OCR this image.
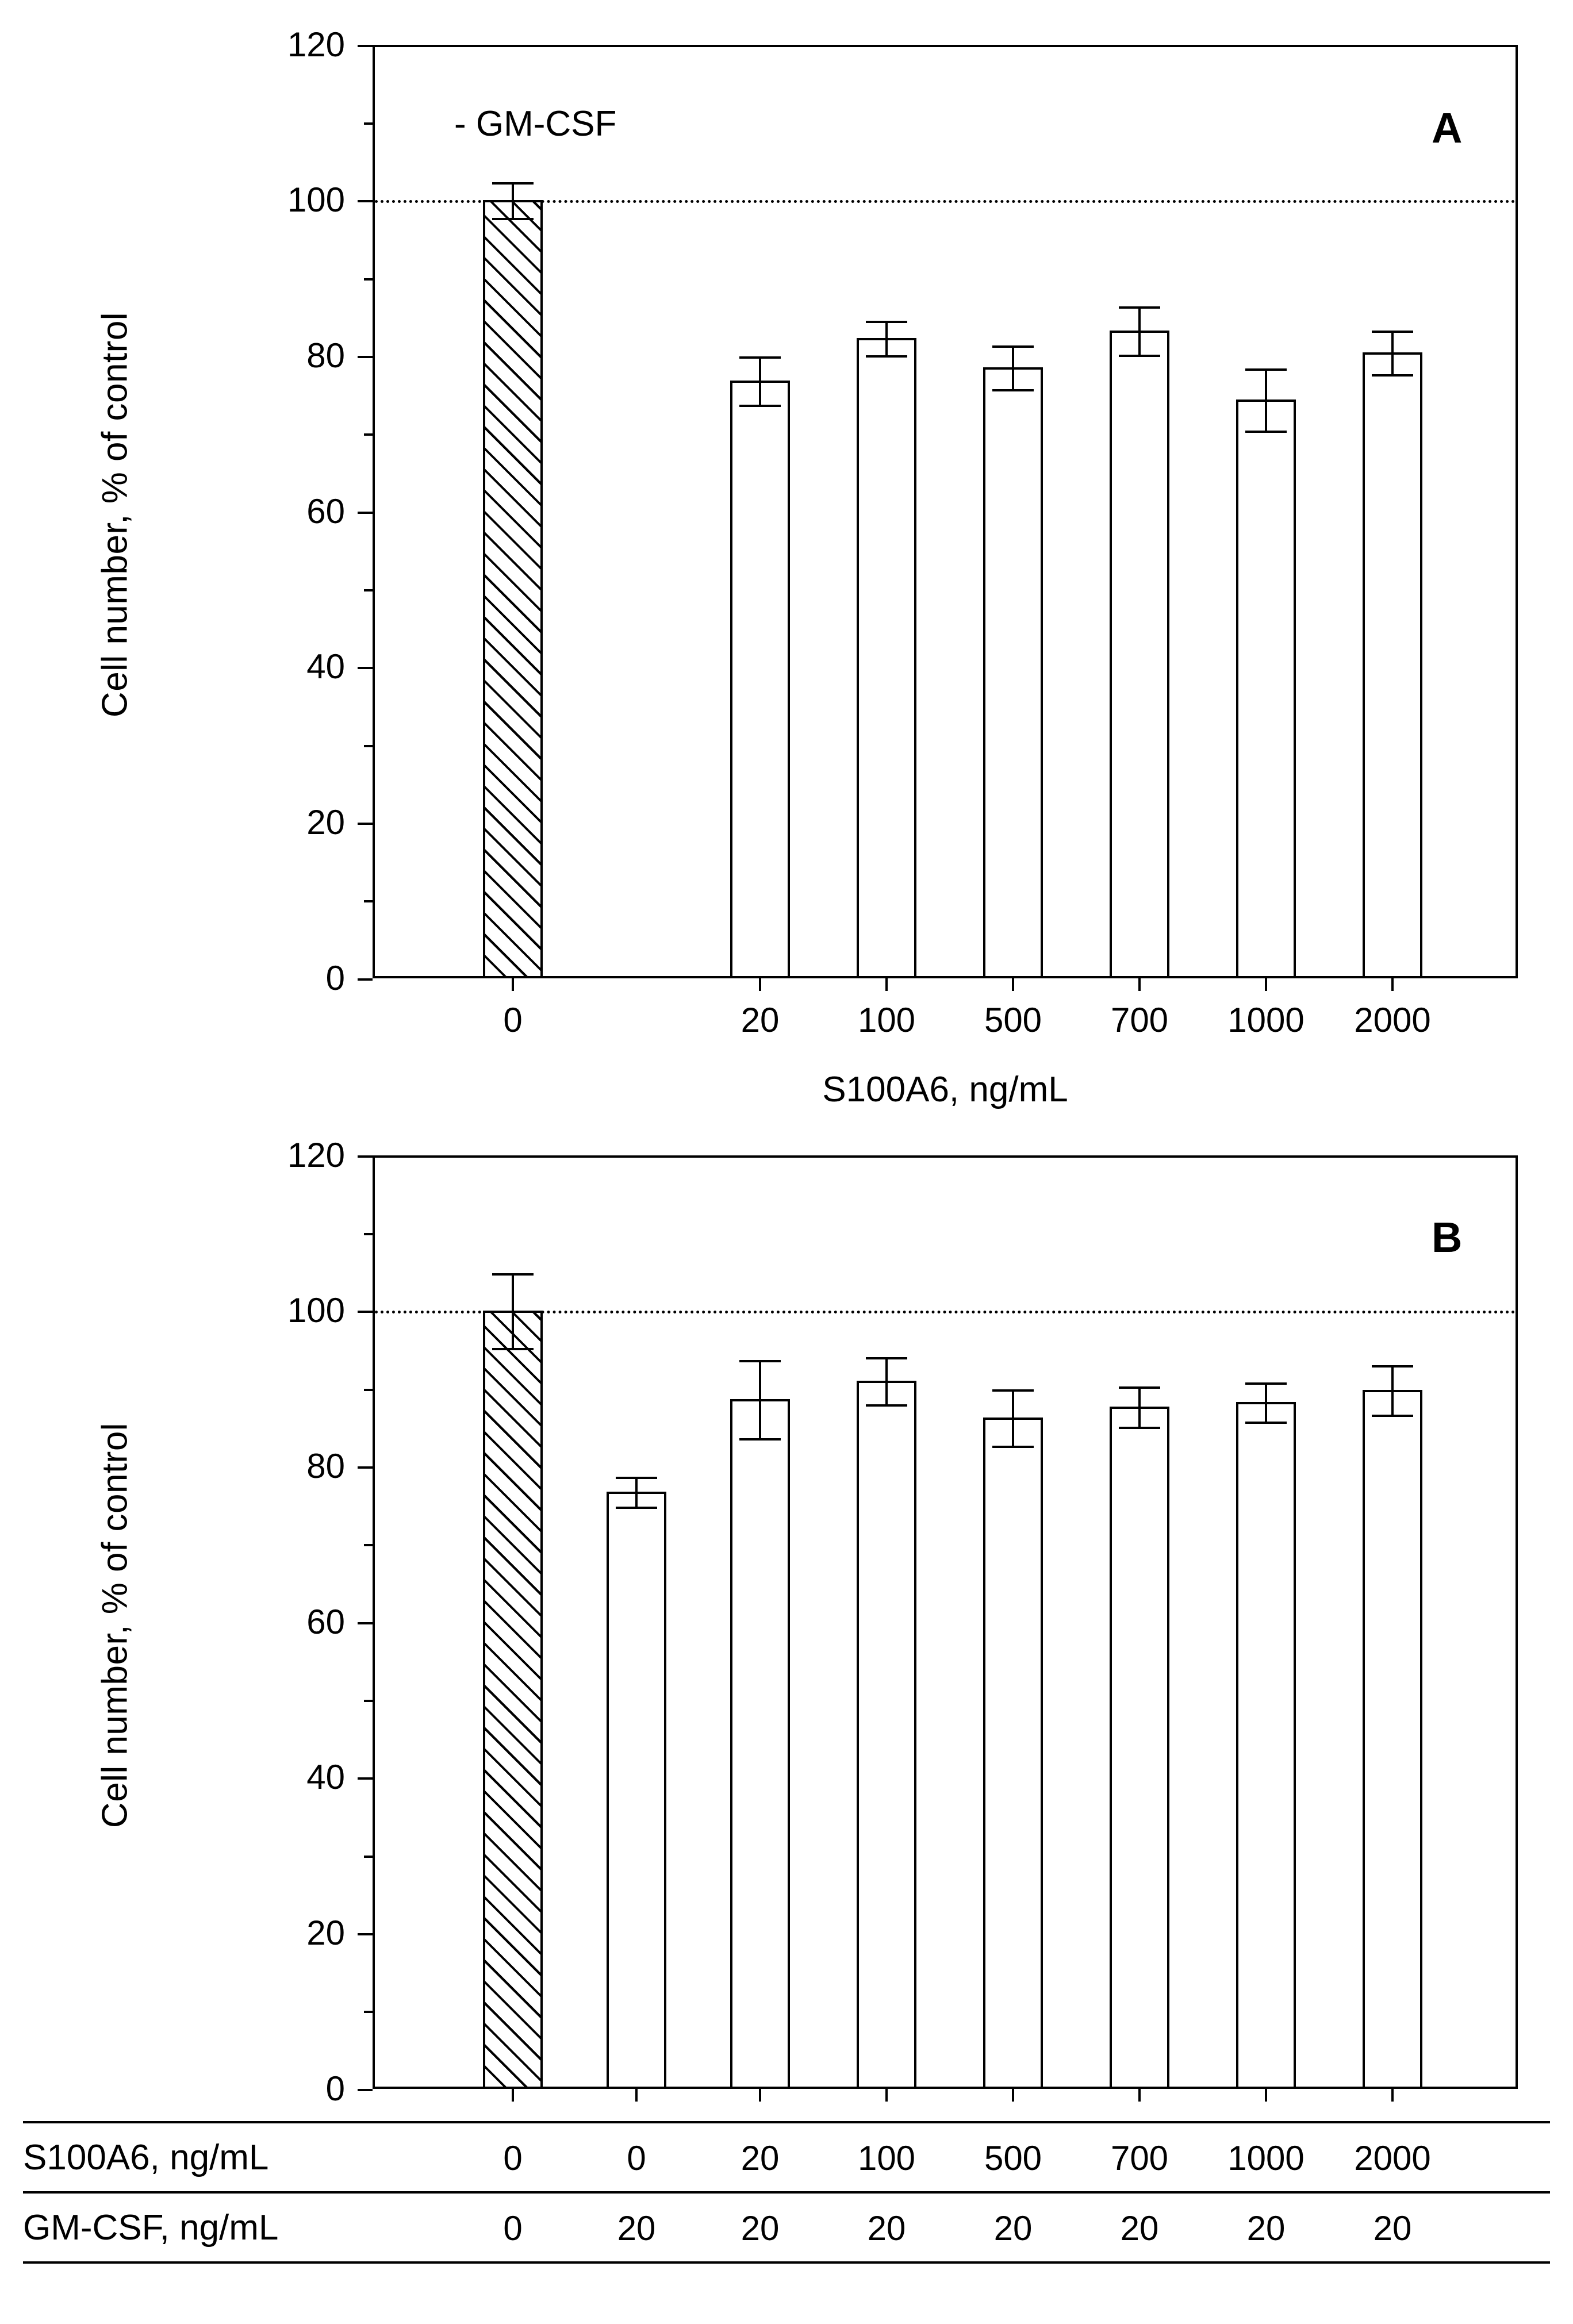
Cell number, % of control
120
100
80
60
40
20
0
A
- GM-CSF
0	20 100 500 700 1000 2000
S100A6, ng/mL
Cell number, % of control
120
100
80
60
40
20
0
B
S100A6, ng/mL	0	0	20 100 500 700 1000 2000
GM-CSF, ng/mL	0	20 20	20	20	20	20	20
